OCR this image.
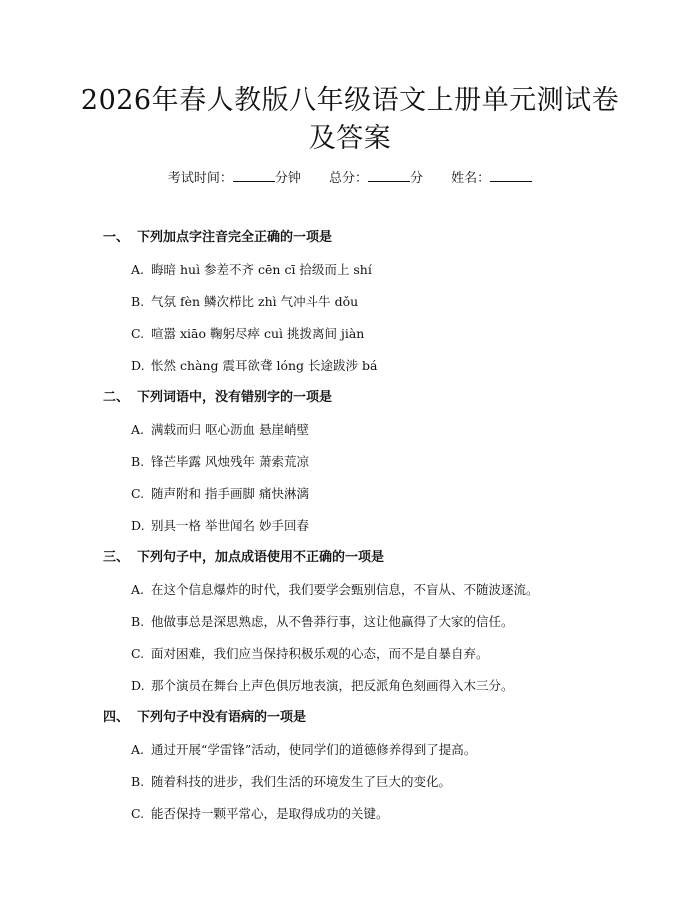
2026年春人教版八年级语文上册单元测试卷
及答案
考试时间：	分钟 总分：	分 姓名：
一、 下列加点字注音完全正确的一项是
A. 晦暗 huì 参差不齐 cēn cī 拾级而上 shí
B. 气氛 fèn 鳞次栉比 zhì 气冲斗牛 dǒu
C. 喧嚣 xiāo 鞠躬尽瘁 cuì 挑拨离间 jiàn
D. 怅然 chàng 震耳欲聋 lóng 长途跋涉 bá
二、 下列词语中，没有错别字的一项是
A. 满载而归 呕心沥血 悬崖峭壁
B. 锋芒毕露 风烛残年 萧索荒凉
C. 随声附和 指手画脚 痛快淋漓
D. 别具一格 举世闻名 妙手回春
三、 下列句子中，加点成语使用不正确的一项是
A. 在这个信息爆炸的时代，我们要学会甄别信息，不盲从、不随波逐流。
B. 他做事总是深思熟虑，从不鲁莽行事，这让他赢得了大家的信任。
C. 面对困难，我们应当保持积极乐观的心态，而不是自暴自弃。
D. 那个演员在舞台上声色俱厉地表演，把反派角色刻画得入木三分。
四、 下列句子中没有语病的一项是
A. 通过开展“学雷锋”活动，使同学们的道德修养得到了提高。
B. 随着科技的进步，我们生活的环境发生了巨大的变化。
C. 能否保持一颗平常心，是取得成功的关键。
